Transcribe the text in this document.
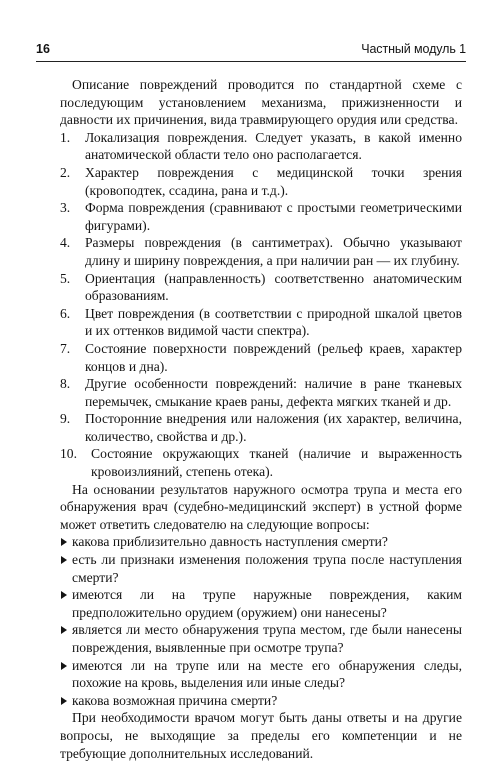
16	Частный модуль 1

Описание повреждений проводится по стандартной схеме с последующим установлением механизма, прижизненности и давности их причинения, вида травмирующего орудия или средства.

1.	Локализация повреждения. Следует указать, в какой именно анатомической области тело оно располагается.
2.	Характер повреждения с медицинской точки зрения (кровоподтек, ссадина, рана и т.д.).
3.	Форма повреждения (сравнивают с простыми геометрическими фигурами).
4.	Размеры повреждения (в сантиметрах). Обычно указывают длину и ширину повреждения, а при наличии ран — их глубину.
5.	Ориентация (направленность) соответственно анатомическим образованиям.
6.	Цвет повреждения (в соответствии с природной шкалой цветов и их оттенков видимой части спектра).
7.	Состояние поверхности повреждений (рельеф краев, характер концов и дна).
8.	Другие особенности повреждений: наличие в ране тканевых перемычек, смыкание краев раны, дефекта мягких тканей и др.
9.	Посторонние внедрения или наложения (их характер, величина, количество, свойства и др.).
10.	Состояние окружающих тканей (наличие и выраженность кровоизлияний, степень отека).

На основании результатов наружного осмотра трупа и места его обнаружения врач (судебно-медицинский эксперт) в устной форме может ответить следователю на следующие вопросы:

какова приблизительно давность наступления смерти?
есть ли признаки изменения положения трупа после наступления смерти?
имеются ли на трупе наружные повреждения, каким предположительно орудием (оружием) они нанесены?
является ли место обнаружения трупа местом, где были нанесены повреждения, выявленные при осмотре трупа?
имеются ли на трупе или на месте его обнаружения следы, похожие на кровь, выделения или иные следы?
какова возможная причина смерти?

При необходимости врачом могут быть даны ответы и на другие вопросы, не выходящие за пределы его компетенции и не требующие дополнительных исследований.
